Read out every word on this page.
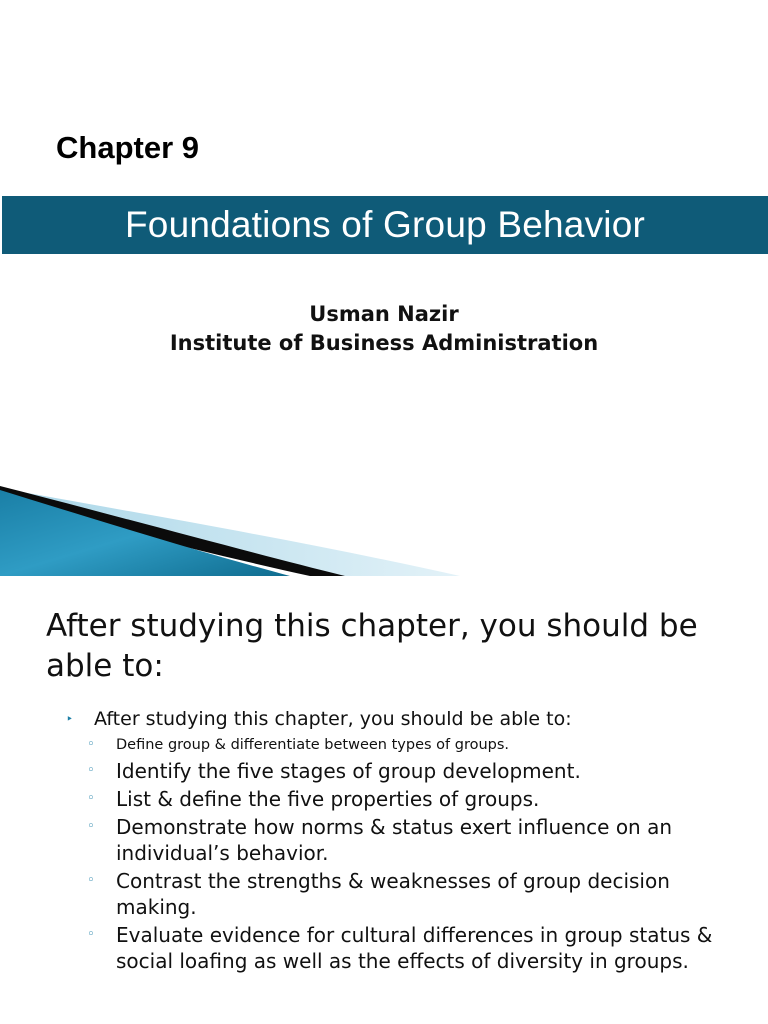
Chapter 9
Foundations of Group Behavior
Usman Nazir
Institute of Business Administration
After studying this chapter, you should be able to:
‣ After studying this chapter, you should be able to:
◦ Define group & differentiate between types of groups.
◦ Identify the five stages of group development.
◦ List & define the five properties of groups.
◦ Demonstrate how norms & status exert influence on an individual’s behavior.
◦ Contrast the strengths & weaknesses of group decision making.
◦ Evaluate evidence for cultural differences in group status & social loafing as well as the effects of diversity in groups.
